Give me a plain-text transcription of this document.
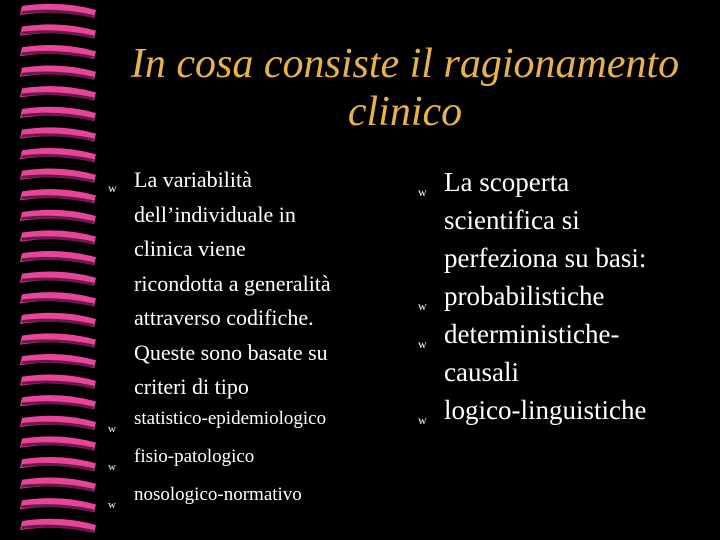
In cosa consiste il ragionamento
clinico
w La variabilità
dell’individuale in
clinica viene
ricondotta a generalità
attraverso codifiche.
Queste sono basate su
criteri di tipo
w statistico-epidemiologico
w fisio-patologico
w nosologico-normativo
w La scoperta
scientifica si
perfeziona su basi:
w probabilistiche
w deterministiche-
causali
w logico-linguistiche
